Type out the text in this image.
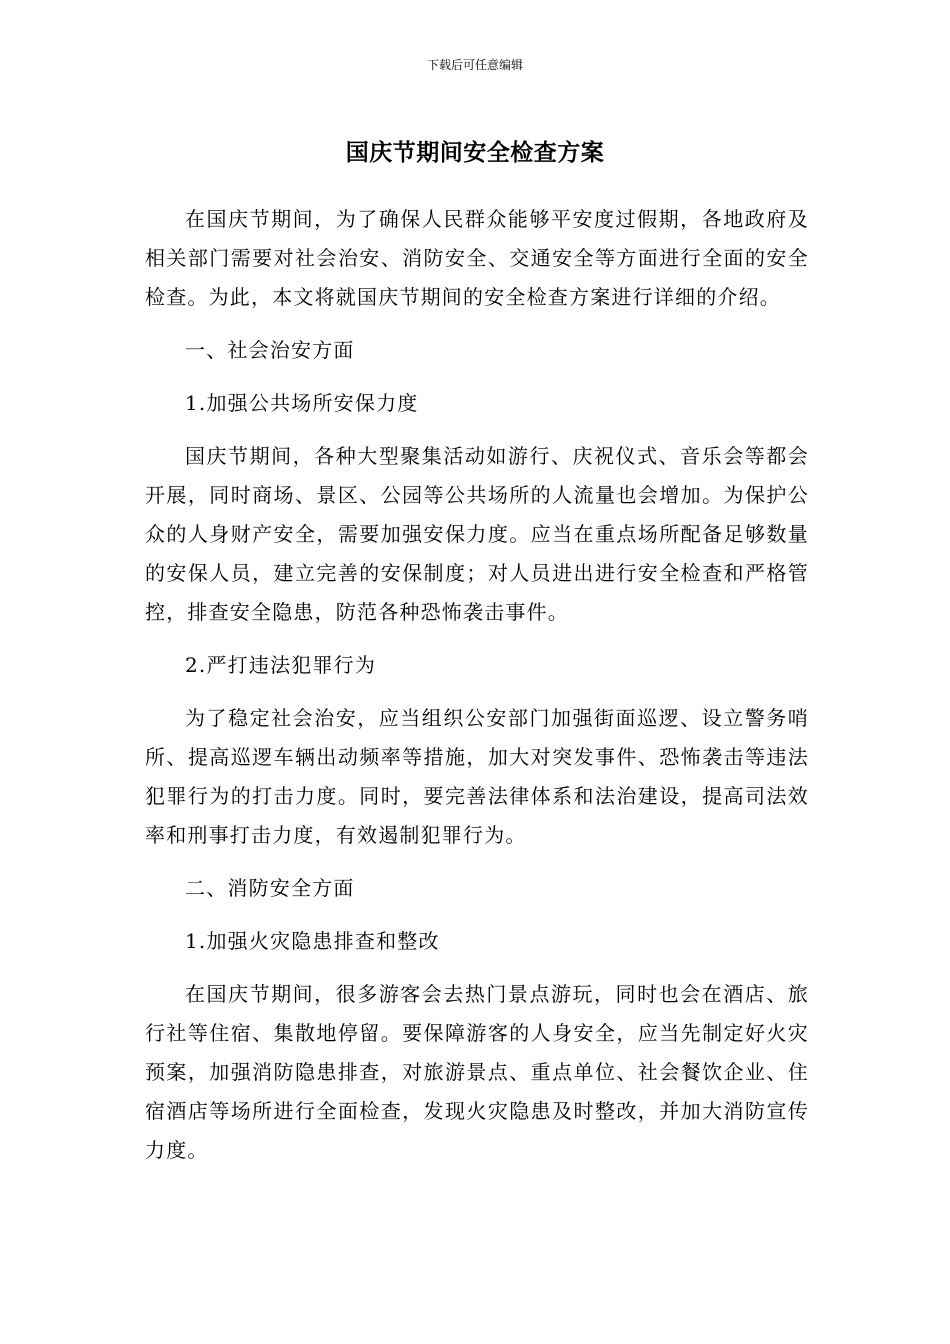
下载后可任意编辑
国庆节期间安全检查方案

在国庆节期间，为了确保人民群众能够平安度过假期，各地政府及相关部门需要对社会治安、消防安全、交通安全等方面进行全面的安全检查。为此，本文将就国庆节期间的安全检查方案进行详细的介绍。

一、社会治安方面

1.加强公共场所安保力度

国庆节期间，各种大型聚集活动如游行、庆祝仪式、音乐会等都会开展，同时商场、景区、公园等公共场所的人流量也会增加。为保护公众的人身财产安全，需要加强安保力度。应当在重点场所配备足够数量的安保人员，建立完善的安保制度；对人员进出进行安全检查和严格管控，排查安全隐患，防范各种恐怖袭击事件。

2.严打违法犯罪行为

为了稳定社会治安，应当组织公安部门加强街面巡逻、设立警务哨所、提高巡逻车辆出动频率等措施，加大对突发事件、恐怖袭击等违法犯罪行为的打击力度。同时，要完善法律体系和法治建设，提高司法效率和刑事打击力度，有效遏制犯罪行为。

二、消防安全方面

1.加强火灾隐患排查和整改

在国庆节期间，很多游客会去热门景点游玩，同时也会在酒店、旅行社等住宿、集散地停留。要保障游客的人身安全，应当先制定好火灾预案，加强消防隐患排查，对旅游景点、重点单位、社会餐饮企业、住宿酒店等场所进行全面检查，发现火灾隐患及时整改，并加大消防宣传力度。
